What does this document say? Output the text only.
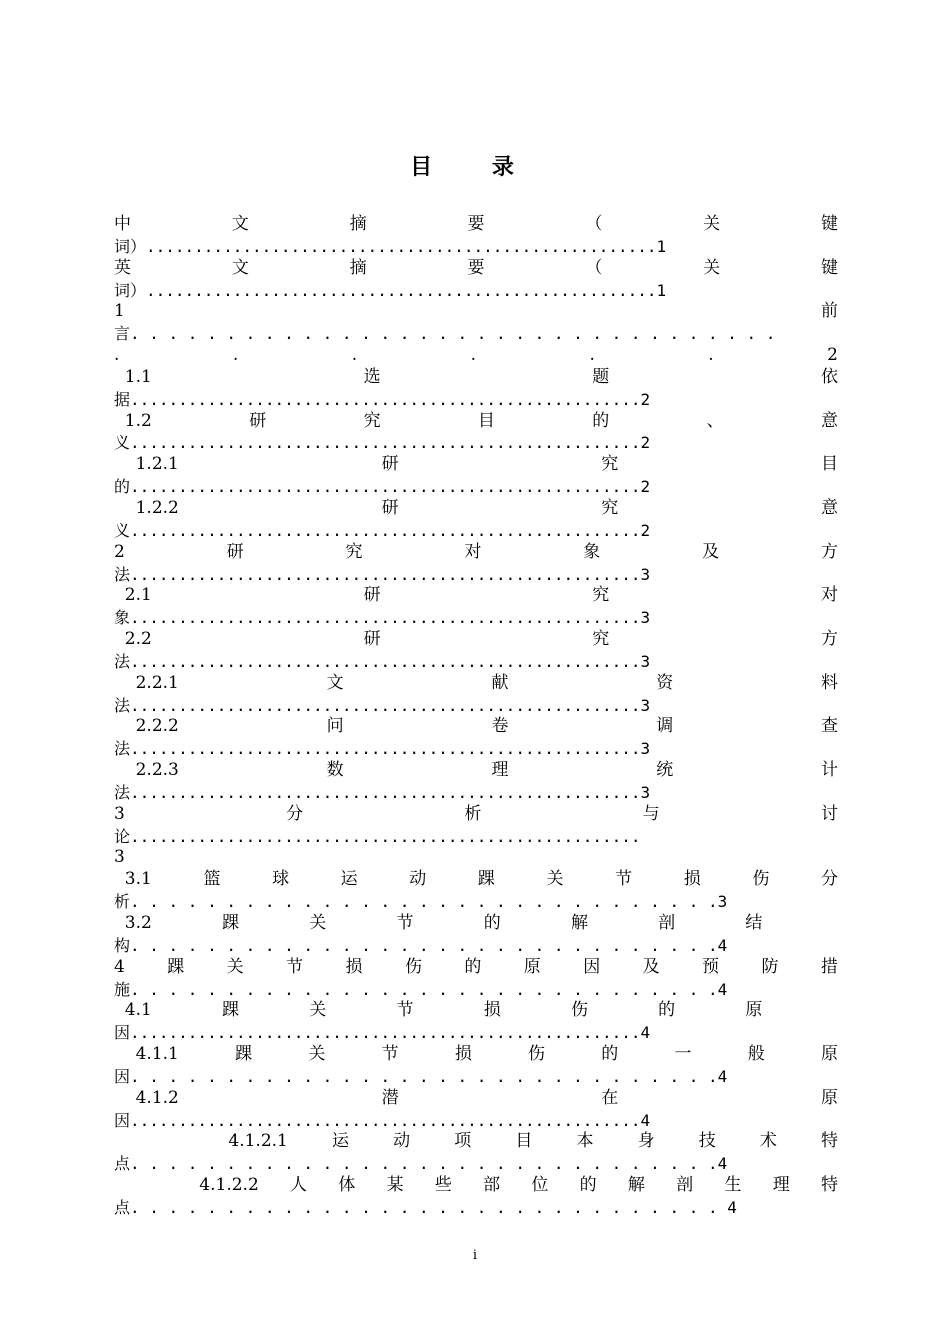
目 录
中	文	摘	要	（	关	键
词）.....................................................1
英	文	摘	要	（	关	键
词）.....................................................1
1	前
言. . . . . . . . . . . . . . . . . . . . . . . . . . . . . . . . . .
.	.	.	.	.	.	2
1.1	选	题	依
据.....................................................2
1.2	研	究	目	的	、	意
义.....................................................2
1.2.1	研	究	目
的.....................................................2
1.2.2	研	究	意
义.....................................................2
2	研	究	对	象	及	方
法.....................................................3
2.1	研	究	对
象.....................................................3
2.2	研	究	方
法.....................................................3
2.2.1	文	献	资	料
法.....................................................3
2.2.2	问	卷	调	查
法.....................................................3
2.2.3	数	理	统	计
法.....................................................3
3	分	析	与	讨
论.....................................................
3
3.1	篮	球	运	动	踝	关	节	损	伤	分
析. . . . . . . . . . . . . . . . . . . . . . . . . . . . . . .3
3.2	踝	关	节	的	解	剖	结

构. . . . . . . . . . . . . . . . . . . . . . . . . . . . . . .4
4 踝 关 节 损 伤 的 原 因 及 预 防 措
施. . . . . . . . . . . . . . . . . . . . . . . . . . . . . . .4
4.1	踝	关	节	损	伤	的	原

因.....................................................4
4.1.1	踝	关	节	损	伤	的	一	般	原
因. . . . . . . . . . . . . . . . . . . . . . . . . . . . . . .4
4.1.2	潜	在	原
因.....................................................4

4.1.2.1	运	动	项	目	本	身	技	术	特
点. . . . . . . . . . . . . . . . . . . . . . . . . . . . . . .4

4.1.2.2 人 体 某 些 部 位 的 解 剖 生 理 特
点. . . . . . . . . . . . . . . . . . . . . . . . . . . . . . . 4
i
